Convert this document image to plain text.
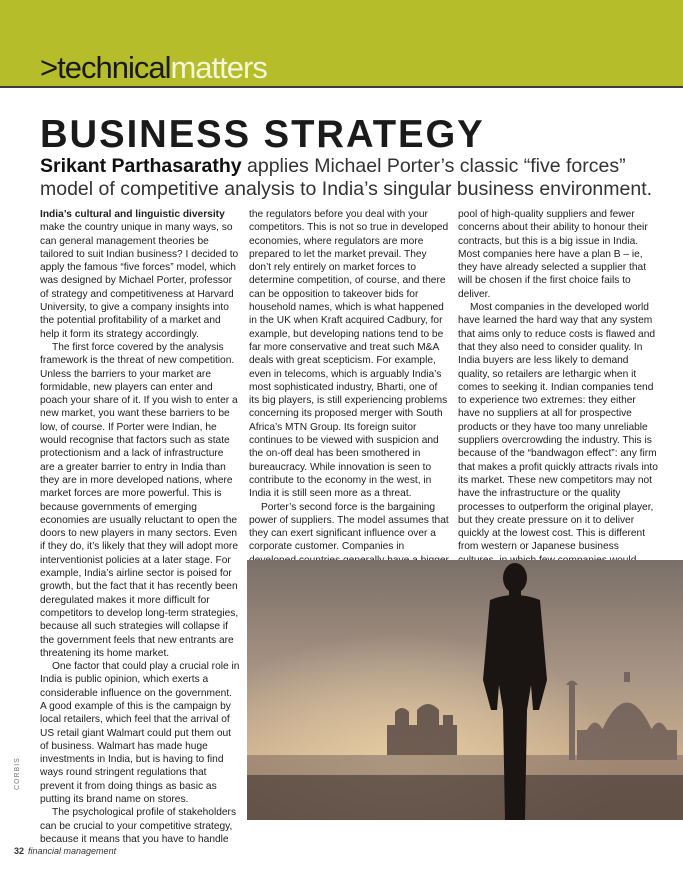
>technicalmatters
BUSINESS STRATEGY
Srikant Parthasarathy applies Michael Porter’s classic “five forces” model of competitive analysis to India’s singular business environment.

India’s cultural and linguistic diversity make the country unique in many ways, so can general management theories be tailored to suit Indian business? I decided to apply the famous “five forces” model, which was designed by Michael Porter, professor of strategy and competitiveness at Harvard University, to give a company insights into the potential profitability of a market and help it form its strategy accordingly.

The first force covered by the analysis framework is the threat of new competition. Unless the barriers to your market are formidable, new players can enter and poach your share of it. If you wish to enter a new market, you want these barriers to be low, of course. If Porter were Indian, he would recognise that factors such as state protectionism and a lack of infrastructure are a greater barrier to entry in India than they are in more developed nations, where market forces are more powerful. This is because governments of emerging economies are usually reluctant to open the doors to new players in many sectors. Even if they do, it’s likely that they will adopt more interventionist policies at a later stage. For example, India’s airline sector is poised for growth, but the fact that it has recently been deregulated makes it more difficult for competitors to develop long-term strategies, because all such strategies will collapse if the government feels that new entrants are threatening its home market.

One factor that could play a crucial role in India is public opinion, which exerts a considerable influence on the government. A good example of this is the campaign by local retailers, which feel that the arrival of US retail giant Walmart could put them out of business. Walmart has made huge investments in India, but is having to find ways round stringent regulations that prevent it from doing things as basic as putting its brand name on stores.

The psychological profile of stakeholders can be crucial to your competitive strategy, because it means that you have to handle

the regulators before you deal with your competitors. This is not so true in developed economies, where regulators are more prepared to let the market prevail. They don’t rely entirely on market forces to determine competition, of course, and there can be opposition to takeover bids for household names, which is what happened in the UK when Kraft acquired Cadbury, for example, but developing nations tend to be far more conservative and treat such M&A deals with great scepticism. For example, even in telecoms, which is arguably India’s most sophisticated industry, Bharti, one of its big players, is still experiencing problems concerning its proposed merger with South Africa’s MTN Group. Its foreign suitor continues to be viewed with suspicion and the on-off deal has been smothered in bureaucracy. While innovation is seen to contribute to the economy in the west, in India it is still seen more as a threat.

Porter’s second force is the bargaining power of suppliers. The model assumes that they can exert significant influence over a corporate customer. Companies in

pool of high-quality suppliers and fewer concerns about their ability to honour their contracts, but this is a big issue in India. Most companies here have a plan B – ie, they have already selected a supplier that will be chosen if the first choice fails to deliver.

Most companies in the developed world have learned the hard way that any system that aims only to reduce costs is flawed and that they also need to consider quality. In India buyers are less likely to demand quality, so retailers are lethargic when it comes to seeking it. Indian companies tend to experience two extremes: they either have no suppliers at all for prospective products or they have too many unreliable suppliers overcrowding the industry. This is because of the “bandwagon effect”: any firm that makes a profit quickly attracts rivals into its market. These new competitors may not have the infrastructure or the quality processes to outperform the original player, but they create pressure on it to deliver quickly at the lowest cost. This is different from western or Japanese business

CORBIS
32 financial management
